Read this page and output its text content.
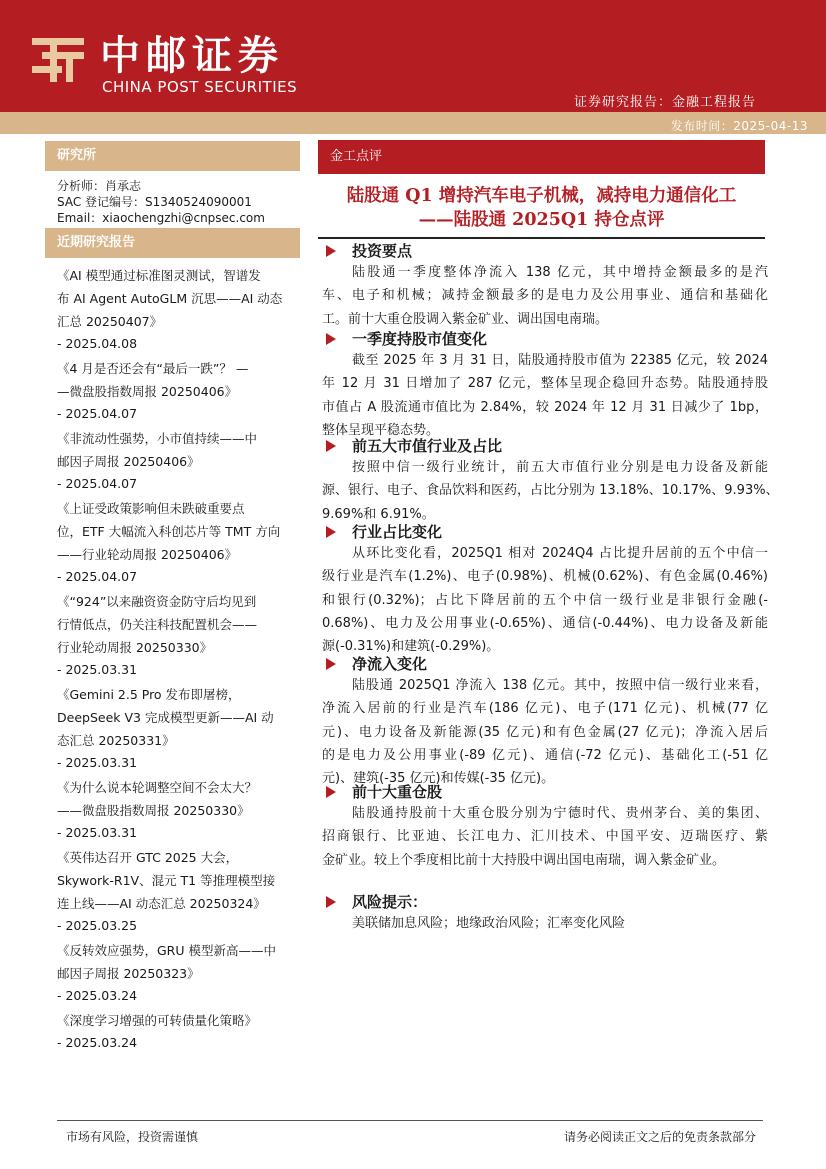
中邮证券
CHINA POST SECURITIES
证券研究报告：金融工程报告
发布时间：2025-04-13
研究所
分析师：肖承志
SAC 登记编号：S1340524090001
Email：xiaochengzhi@cnpsec.com
近期研究报告
《AI 模型通过标准图灵测试，智谱发
布 AI Agent AutoGLM 沉思——AI 动态
汇总 20250407》
- 2025.04.08
《4 月是否还会有“最后一跌”？ —
—微盘股指数周报 20250406》
- 2025.04.07
《非流动性强势，小市值持续——中
邮因子周报 20250406》
- 2025.04.07
《上证受政策影响但未跌破重要点
位，ETF 大幅流入科创芯片等 TMT 方向
——行业轮动周报 20250406》
- 2025.04.07
《“924”以来融资资金防守后均见到
行情低点，仍关注科技配置机会——
行业轮动周报 20250330》
- 2025.03.31
《Gemini 2.5 Pro 发布即屠榜，
DeepSeek V3 完成模型更新——AI 动
态汇总 20250331》
- 2025.03.31
《为什么说本轮调整空间不会太大？
——微盘股指数周报 20250330》
- 2025.03.31
《英伟达召开 GTC 2025 大会，
Skywork-R1V、混元 T1 等推理模型接
连上线——AI 动态汇总 20250324》
- 2025.03.25
《反转效应强势，GRU 模型新高——中
邮因子周报 20250323》
- 2025.03.24
《深度学习增强的可转债量化策略》
- 2025.03.24
金工点评
陆股通 Q1 增持汽车电子机械，减持电力通信化工
——陆股通 2025Q1 持仓点评
投资要点
陆股通一季度整体净流入 138 亿元，其中增持金额最多的是汽
车、电子和机械；减持金额最多的是电力及公用事业、通信和基础化
工。前十大重仓股调入紫金矿业、调出国电南瑞。
一季度持股市值变化
截至 2025 年 3 月 31 日，陆股通持股市值为 22385 亿元，较 2024
年 12 月 31 日增加了 287 亿元，整体呈现企稳回升态势。陆股通持股
市值占 A 股流通市值比为 2.84%，较 2024 年 12 月 31 日减少了 1bp，
整体呈现平稳态势。
前五大市值行业及占比
按照中信一级行业统计，前五大市值行业分别是电力设备及新能
源、银行、电子、食品饮料和医药，占比分别为 13.18%、10.17%、9.93%、
9.69%和 6.91%。
行业占比变化
从环比变化看，2025Q1 相对 2024Q4 占比提升居前的五个中信一
级行业是汽车(1.2%)、电子(0.98%)、机械(0.62%)、有色金属(0.46%)
和银行(0.32%)；占比下降居前的五个中信一级行业是非银行金融(-
0.68%)、电力及公用事业(-0.65%)、通信(-0.44%)、电力设备及新能
源(-0.31%)和建筑(-0.29%)。
净流入变化
陆股通 2025Q1 净流入 138 亿元。其中，按照中信一级行业来看，
净流入居前的行业是汽车(186 亿元)、电子(171 亿元)、机械(77 亿
元)、电力设备及新能源(35 亿元)和有色金属(27 亿元)；净流入居后
的是电力及公用事业(-89 亿元)、通信(-72 亿元)、基础化工(-51 亿
元)、建筑(-35 亿元)和传媒(-35 亿元)。
前十大重仓股
陆股通持股前十大重仓股分别为宁德时代、贵州茅台、美的集团、
招商银行、比亚迪、长江电力、汇川技术、中国平安、迈瑞医疗、紫
金矿业。较上个季度相比前十大持股中调出国电南瑞，调入紫金矿业。
风险提示：
美联储加息风险；地缘政治风险；汇率变化风险
市场有风险，投资需谨慎	请务必阅读正文之后的免责条款部分
